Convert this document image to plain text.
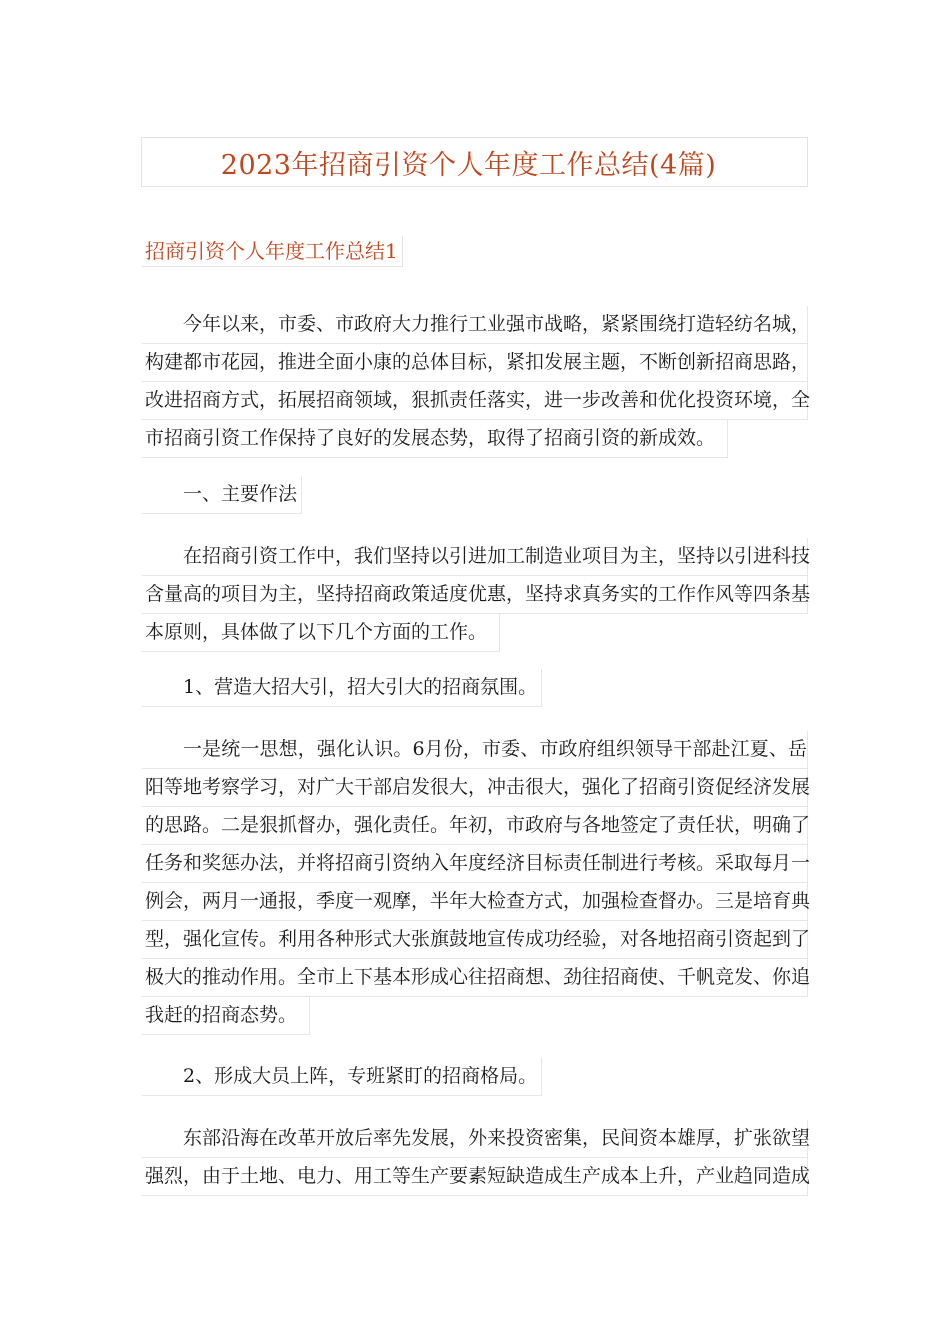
2023年招商引资个人年度工作总结(4篇)
招商引资个人年度工作总结1
今年以来，市委、市政府大力推行工业强市战略，紧紧围绕打造轻纺名城，
构建都市花园，推进全面小康的总体目标，紧扣发展主题，不断创新招商思路，
改进招商方式，拓展招商领域，狠抓责任落实，进一步改善和优化投资环境，全
市招商引资工作保持了良好的发展态势，取得了招商引资的新成效。
一、主要作法
在招商引资工作中，我们坚持以引进加工制造业项目为主，坚持以引进科技
含量高的项目为主，坚持招商政策适度优惠，坚持求真务实的工作作风等四条基
本原则，具体做了以下几个方面的工作。
1、营造大招大引，招大引大的招商氛围。
一是统一思想，强化认识。6月份，市委、市政府组织领导干部赴江夏、岳
阳等地考察学习，对广大干部启发很大，冲击很大，强化了招商引资促经济发展
的思路。二是狠抓督办，强化责任。年初，市政府与各地签定了责任状，明确了
任务和奖惩办法，并将招商引资纳入年度经济目标责任制进行考核。采取每月一
例会，两月一通报，季度一观摩，半年大检查方式，加强检查督办。三是培育典
型，强化宣传。利用各种形式大张旗鼓地宣传成功经验，对各地招商引资起到了
极大的推动作用。全市上下基本形成心往招商想、劲往招商使、千帆竞发、你追
我赶的招商态势。
2、形成大员上阵，专班紧盯的招商格局。
东部沿海在改革开放后率先发展，外来投资密集，民间资本雄厚，扩张欲望
强烈，由于土地、电力、用工等生产要素短缺造成生产成本上升，产业趋同造成
